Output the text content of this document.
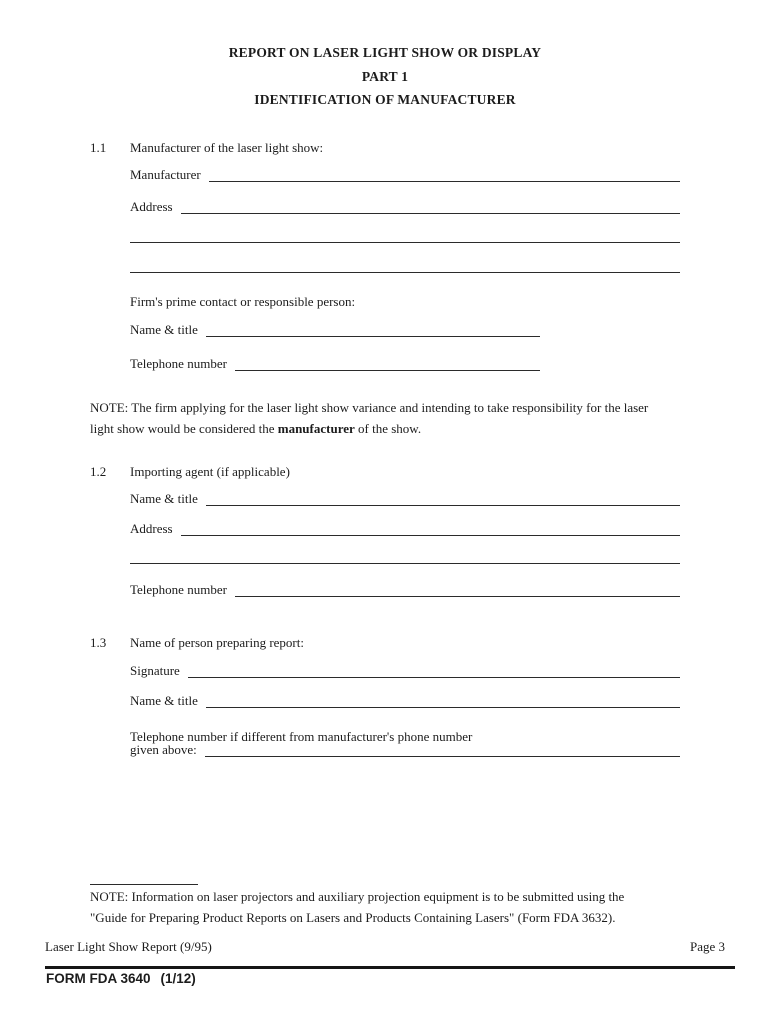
REPORT ON LASER LIGHT SHOW OR DISPLAY
PART 1
IDENTIFICATION OF MANUFACTURER
1.1 Manufacturer of the laser light show:
Manufacturer
Address
Firm's prime contact or responsible person:
Name & title
Telephone number
NOTE: The firm applying for the laser light show variance and intending to take responsibility for the laser
light show would be considered the manufacturer of the show.
1.2 Importing agent (if applicable)
Name & title
Address
Telephone number
1.3 Name of person preparing report:
Signature
Name & title
Telephone number if different from manufacturer's phone number
given above:
NOTE: Information on laser projectors and auxiliary projection equipment is to be submitted using the
"Guide for Preparing Product Reports on Lasers and Products Containing Lasers" (Form FDA 3632).
Laser Light Show Report (9/95)	Page 3
FORM FDA 3640 (1/12)
